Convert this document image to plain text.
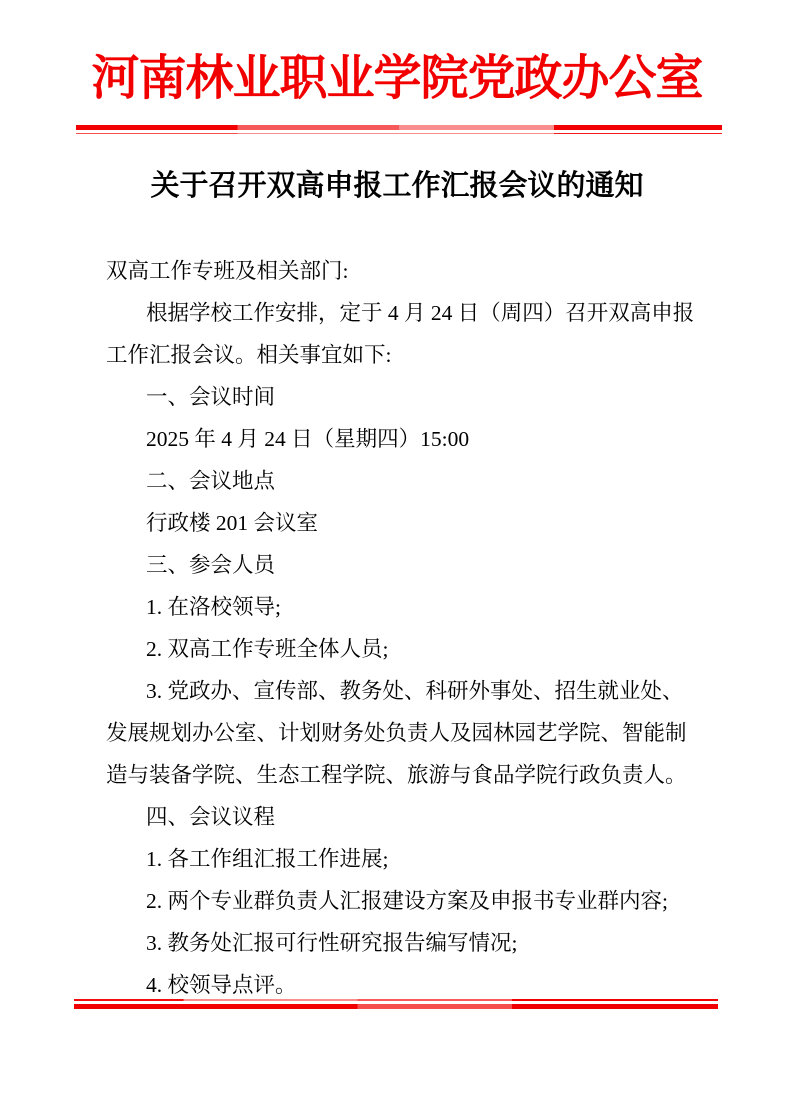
河南林业职业学院党政办公室
关于召开双高申报工作汇报会议的通知

双高工作专班及相关部门:

根据学校工作安排，定于 4 月 24 日（周四）召开双高申报

工作汇报会议。相关事宜如下:

一、会议时间

2025 年 4 月 24 日（星期四）15:00

二、会议地点

行政楼 201 会议室

三、参会人员

1. 在洛校领导;

2. 双高工作专班全体人员;

3. 党政办、宣传部、教务处、科研外事处、招生就业处、

发展规划办公室、计划财务处负责人及园林园艺学院、智能制

造与装备学院、生态工程学院、旅游与食品学院行政负责人。

四、会议议程

1. 各工作组汇报工作进展;

2. 两个专业群负责人汇报建设方案及申报书专业群内容;

3. 教务处汇报可行性研究报告编写情况;

4. 校领导点评。
